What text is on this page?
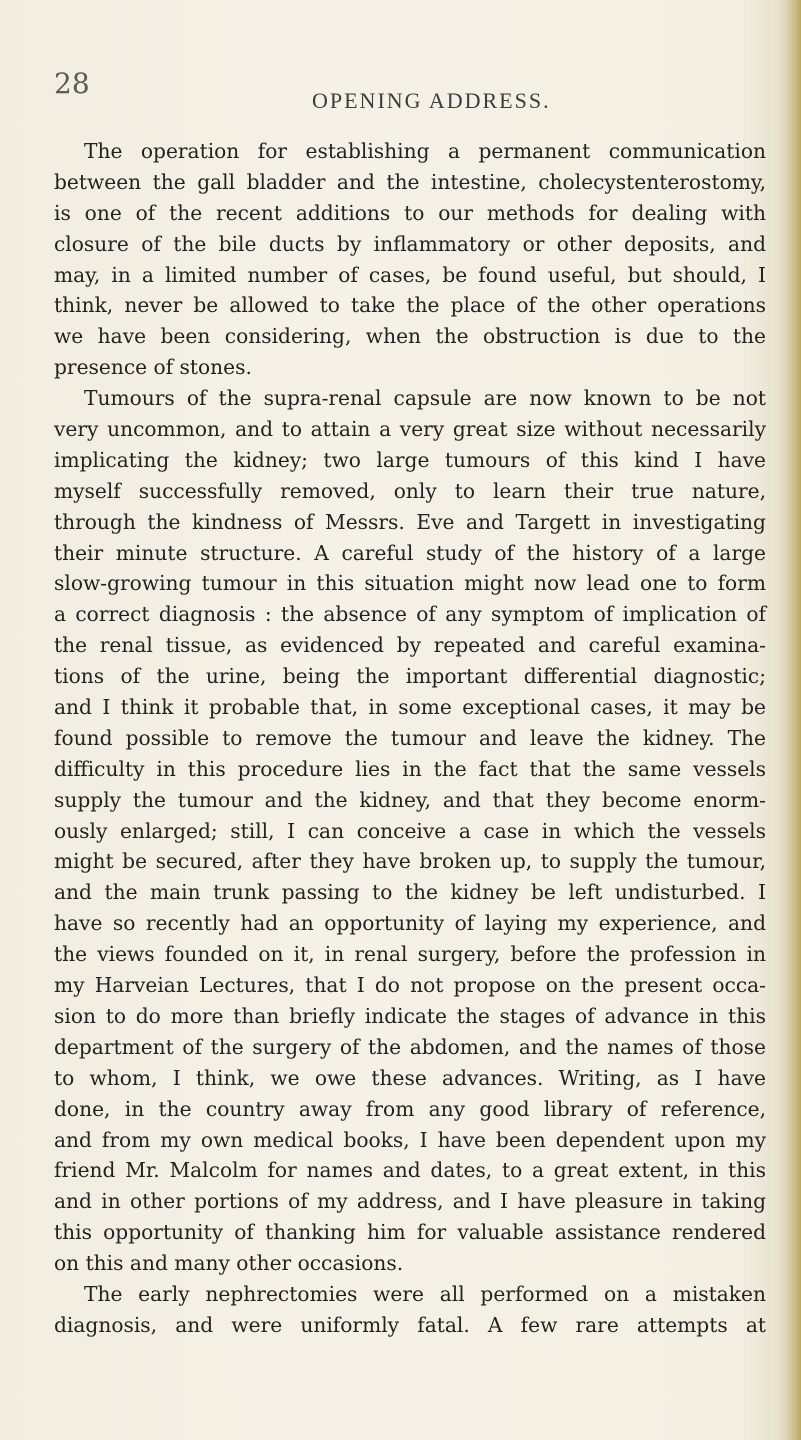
28
OPENING ADDRESS.
The operation for establishing a permanent communication
between the gall bladder and the intestine, cholecystenterostomy,
is one of the recent additions to our methods for dealing with
closure of the bile ducts by inflammatory or other deposits, and
may, in a limited number of cases, be found useful, but should, I
think, never be allowed to take the place of the other operations
we have been considering, when the obstruction is due to the
presence of stones.
Tumours of the supra-renal capsule are now known to be not
very uncommon, and to attain a very great size without necessarily
implicating the kidney; two large tumours of this kind I have
myself successfully removed, only to learn their true nature,
through the kindness of Messrs. Eve and Targett in investigating
their minute structure. A careful study of the history of a large
slow-growing tumour in this situation might now lead one to form
a correct diagnosis : the absence of any symptom of implication of
the renal tissue, as evidenced by repeated and careful examina-
tions of the urine, being the important differential diagnostic;
and I think it probable that, in some exceptional cases, it may be
found possible to remove the tumour and leave the kidney. The
difficulty in this procedure lies in the fact that the same vessels
supply the tumour and the kidney, and that they become enorm-
ously enlarged; still, I can conceive a case in which the vessels
might be secured, after they have broken up, to supply the tumour,
and the main trunk passing to the kidney be left undisturbed. I
have so recently had an opportunity of laying my experience, and
the views founded on it, in renal surgery, before the profession in
my Harveian Lectures, that I do not propose on the present occa-
sion to do more than briefly indicate the stages of advance in this
department of the surgery of the abdomen, and the names of those
to whom, I think, we owe these advances. Writing, as I have
done, in the country away from any good library of reference,
and from my own medical books, I have been dependent upon my
friend Mr. Malcolm for names and dates, to a great extent, in this
and in other portions of my address, and I have pleasure in taking
this opportunity of thanking him for valuable assistance rendered
on this and many other occasions.
The early nephrectomies were all performed on a mistaken
diagnosis, and were uniformly fatal. A few rare attempts at
